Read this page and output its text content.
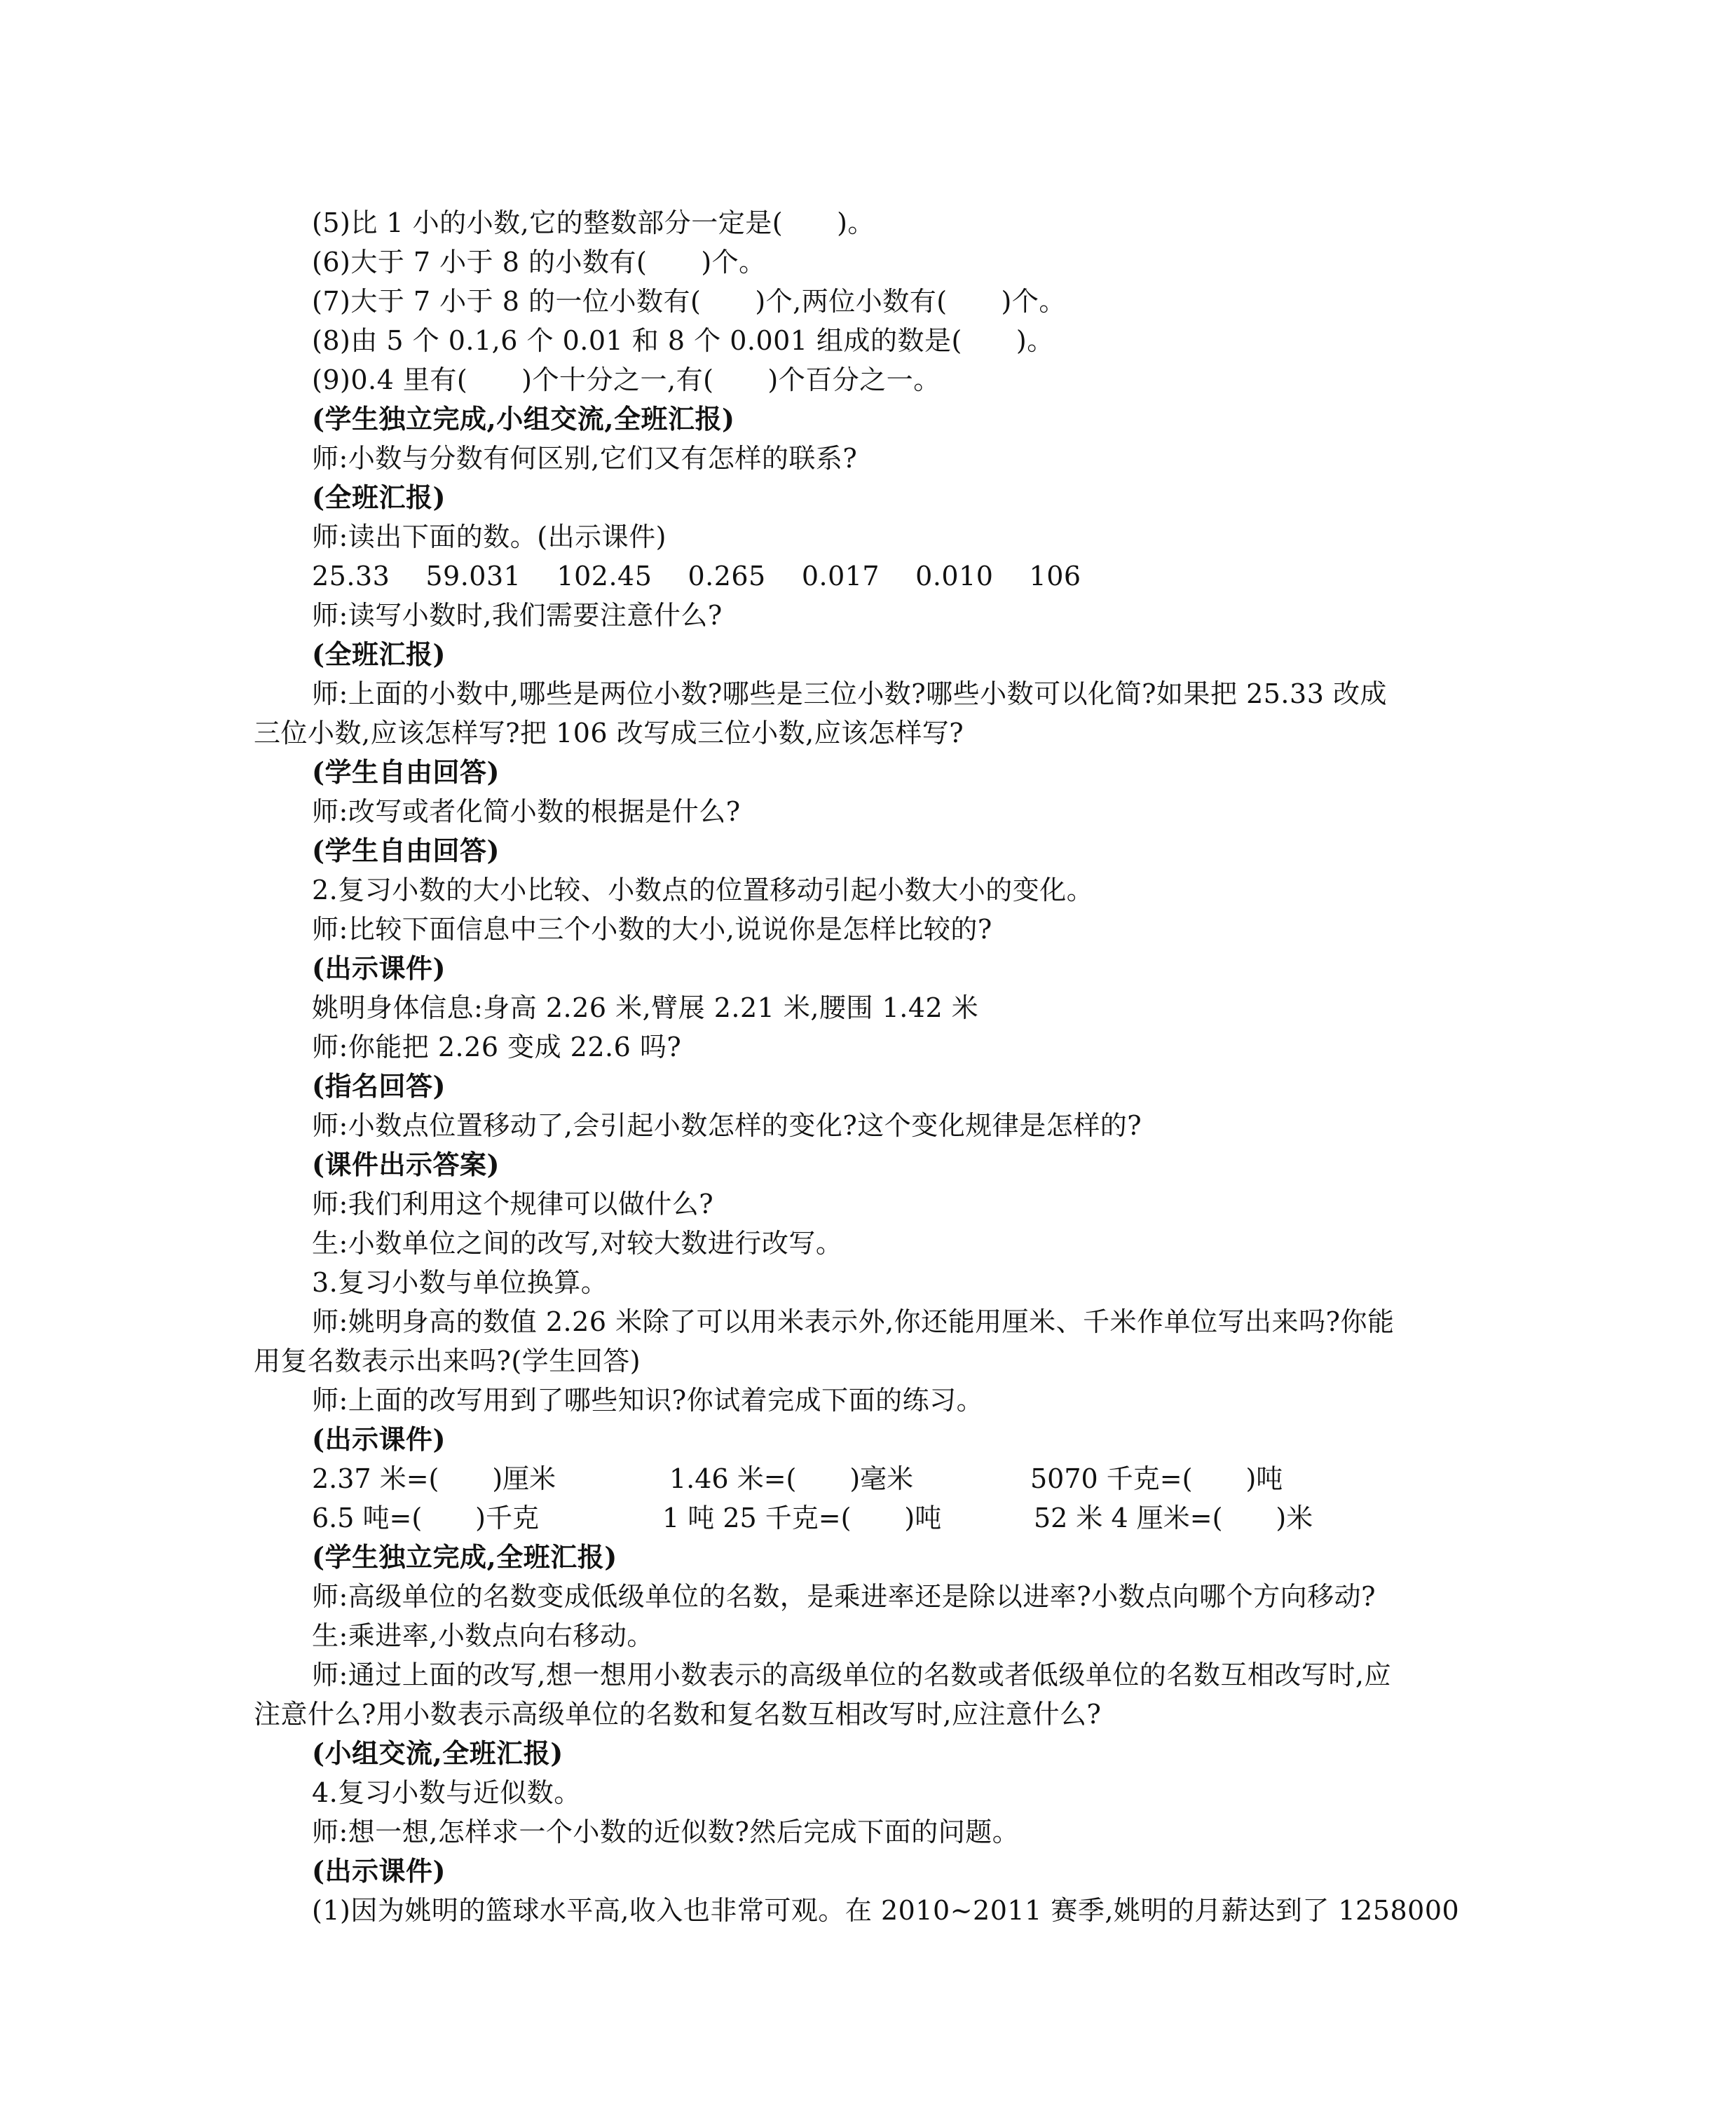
(5)比 1 小的小数,它的整数部分一定是(　　)。
(6)大于 7 小于 8 的小数有(　　)个。
(7)大于 7 小于 8 的一位小数有(　　)个,两位小数有(　　)个。
(8)由 5 个 0.1,6 个 0.01 和 8 个 0.001 组成的数是(　　)。
(9)0.4 里有(　　)个十分之一,有(　　)个百分之一。
(学生独立完成,小组交流,全班汇报)
师:小数与分数有何区别,它们又有怎样的联系?
(全班汇报)
师:读出下面的数。(出示课件)
25.33　 59.031　 102.45　 0.265　 0.017　 0.010　 106
师:读写小数时,我们需要注意什么?
(全班汇报)
师:上面的小数中,哪些是两位小数?哪些是三位小数?哪些小数可以化简?如果把 25.33 改成
三位小数,应该怎样写?把 106 改写成三位小数,应该怎样写?
(学生自由回答)
师:改写或者化简小数的根据是什么?
(学生自由回答)
2.复习小数的大小比较、小数点的位置移动引起小数大小的变化。
师:比较下面信息中三个小数的大小,说说你是怎样比较的?
(出示课件)
姚明身体信息:身高 2.26 米,臂展 2.21 米,腰围 1.42 米
师:你能把 2.26 变成 22.6 吗?
(指名回答)
师:小数点位置移动了,会引起小数怎样的变化?这个变化规律是怎样的?
(课件出示答案)
师:我们利用这个规律可以做什么?
生:小数单位之间的改写,对较大数进行改写。
3.复习小数与单位换算。
师:姚明身高的数值 2.26 米除了可以用米表示外,你还能用厘米、千米作单位写出来吗?你能
用复名数表示出来吗?(学生回答)
师:上面的改写用到了哪些知识?你试着完成下面的练习。
(出示课件)

2.37 米=(　　)厘米

	1.46 米=(　　)毫米

	5070 千克=(　　)吨

6.5 吨=(　　)千克

	1 吨 25 千克=(　　)吨

	52 米 4 厘米=(　　)米

(学生独立完成,全班汇报)
师:高级单位的名数变成低级单位的名数，是乘进率还是除以进率?小数点向哪个方向移动?
生:乘进率,小数点向右移动。
师:通过上面的改写,想一想用小数表示的高级单位的名数或者低级单位的名数互相改写时,应
注意什么?用小数表示高级单位的名数和复名数互相改写时,应注意什么?
(小组交流,全班汇报)
4.复习小数与近似数。
师:想一想,怎样求一个小数的近似数?然后完成下面的问题。
(出示课件)
(1)因为姚明的篮球水平高,收入也非常可观。在 2010~2011 赛季,姚明的月薪达到了 1258000
